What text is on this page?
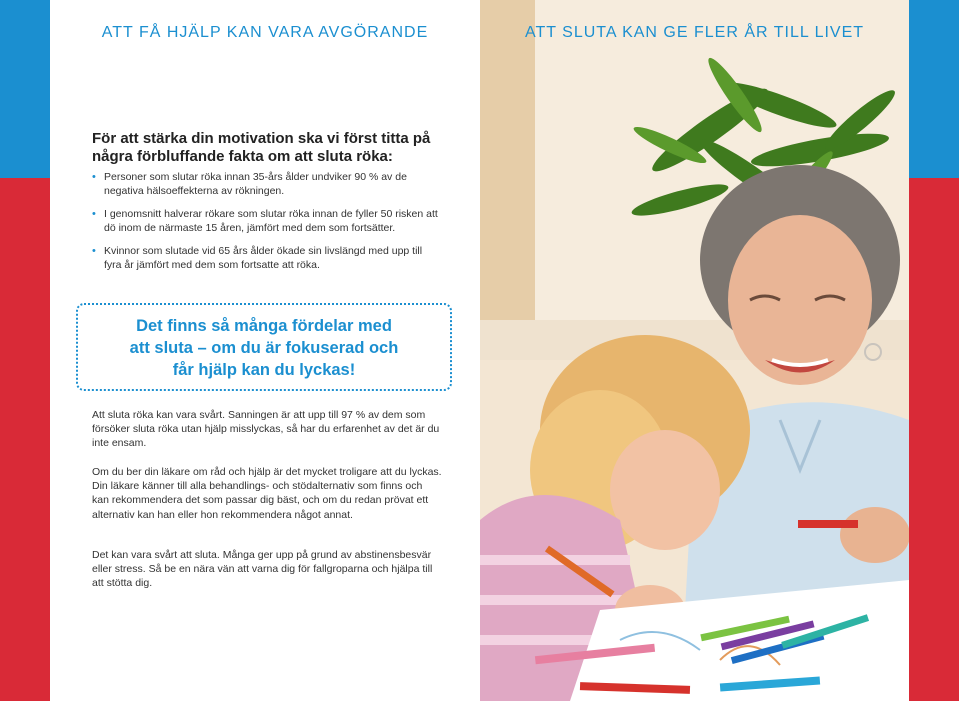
ATT FÅ HJÄLP KAN VARA AVGÖRANDE
För att stärka din motivation ska vi först titta på några förbluffande fakta om att sluta röka:
• Personer som slutar röka innan 35-års ålder undviker 90 % av de negativa hälsoeffekterna av rökningen.
• I genomsnitt halverar rökare som slutar röka innan de fyller 50 risken att dö inom de närmaste 15 åren, jämfört med dem som fortsätter.
• Kvinnor som slutade vid 65 års ålder ökade sin livslängd med upp till fyra år jämfört med dem som fortsatte att röka.
Det finns så många fördelar med
att sluta – om du är fokuserad och
får hjälp kan du lyckas!

Att sluta röka kan vara svårt. Sanningen är att upp till 97 % av dem som försöker sluta röka utan hjälp misslyckas, så har du erfarenhet av det är du inte ensam.

Om du ber din läkare om råd och hjälp är det mycket troligare att du lyckas. Din läkare känner till alla behandlings- och stödalternativ som finns och kan rekommendera det som passar dig bäst, och om du redan prövat ett alternativ kan han eller hon rekommendera något annat.

Det kan vara svårt att sluta. Många ger upp på grund av abstinensbesvär eller stress. Så be en nära vän att varna dig för fallgroparna och hjälpa till att stötta dig.

ATT SLUTA KAN GE FLER ÅR TILL LIVET
